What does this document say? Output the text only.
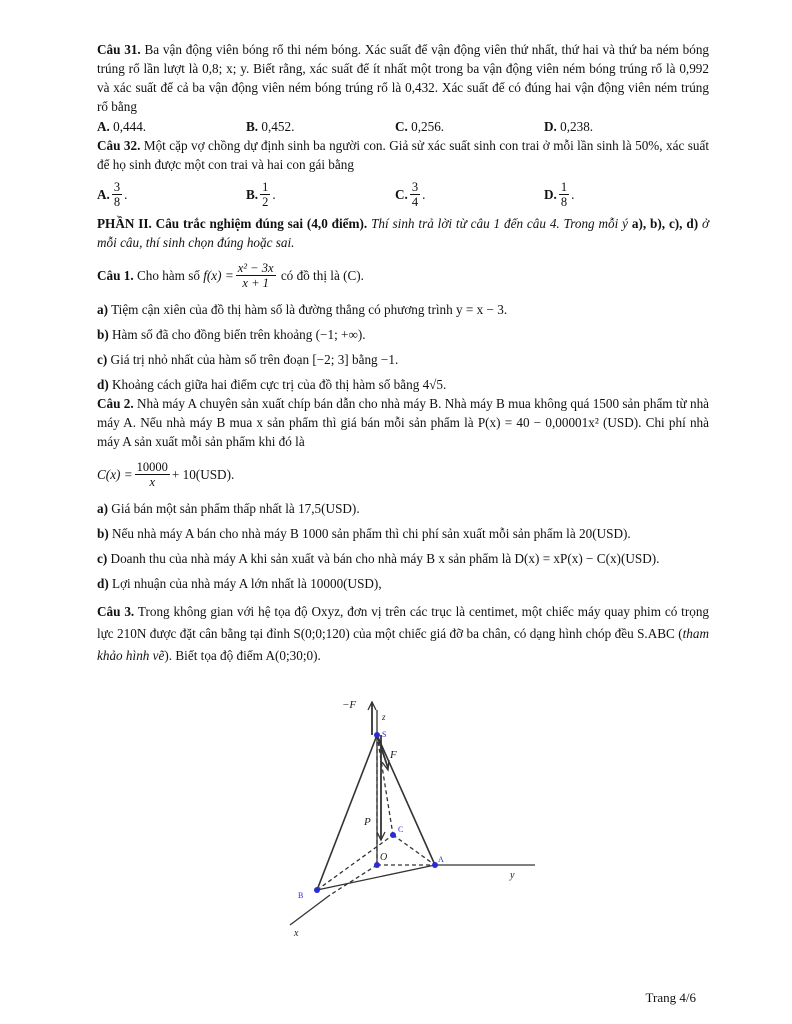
Câu 31. Ba vận động viên bóng rổ thi ném bóng. Xác suất để vận động viên thứ nhất, thứ hai và thứ ba ném bóng trúng rổ lần lượt là 0,8; x; y. Biết rằng, xác suất để ít nhất một trong ba vận động viên ném bóng trúng rổ là 0,992 và xác suất để cả ba vận động viên ném bóng trúng rổ là 0,432. Xác suất để có đúng hai vận động viên ném trúng rổ bằng

A. 0,444.	B. 0,452.	C. 0,256.	D. 0,238.

Câu 32. Một cặp vợ chồng dự định sinh ba người con. Giả sử xác suất sinh con trai ở mỗi lần sinh là 50%, xác suất để họ sinh được một con trai và hai con gái bằng

A. $\frac{3}{8}$ .	B. $\frac{1}{2}$ .	C. $\frac{3}{4}$ .	D. $\frac{1}{8}$ .

PHẦN II. Câu trắc nghiệm đúng sai (4,0 điểm). Thí sinh trả lời từ câu 1 đến câu 4. Trong mỗi ý a), b), c), d) ở mỗi câu, thí sinh chọn đúng hoặc sai.

Câu 1.
Cho hàm số
$f(x) = \frac{\text{x² − 3x}}{x + 1}$
có đồ thị là (C).

a) Tiệm cận xiên của đồ thị hàm số là đường thẳng có phương trình y = x − 3.

b) Hàm số đã cho đồng biến trên khoảng (−1; +∞).

c) Giá trị nhỏ nhất của hàm số trên đoạn [−2; 3] bằng −1.

d) Khoảng cách giữa hai điểm cực trị của đồ thị hàm số bằng 4√5.

Câu 2. Nhà máy A chuyên sản xuất chíp bán dẫn cho nhà máy B. Nhà máy B mua không quá 1500 sản phẩm từ nhà máy A. Nếu nhà máy B mua x sản phẩm thì giá bán mỗi sản phẩm là P(x) = 40 − 0,00001x² (USD). Chi phí nhà máy A sản xuất mỗi sản phẩm khi đó là

$C(x) = \frac{10000}{x} + 10(USD)$.

a) Giá bán một sản phẩm thấp nhất là 17,5(USD).

b) Nếu nhà máy A bán cho nhà máy B 1000 sản phẩm thì chi phí sản xuất mỗi sản phẩm là 20(USD).

c) Doanh thu của nhà máy A khi sản xuất và bán cho nhà máy B x sản phẩm là D(x) = xP(x) − C(x)(USD).

d) Lợi nhuận của nhà máy A lớn nhất là 10000(USD),

Câu 3. Trong không gian với hệ tọa độ Oxyz, đơn vị trên các trục là centimet, một chiếc máy quay phim có trọng lực 210N được đặt cân bằng tại đỉnh S(0;0;120) của một chiếc giá đỡ ba chân, có dạng hình chóp đều S.ABC (tham khảo hình vẽ). Biết tọa độ điểm A(0;30;0).

−F
z
S
F
P
C
O	A
y
B
x
Trang 4/6
